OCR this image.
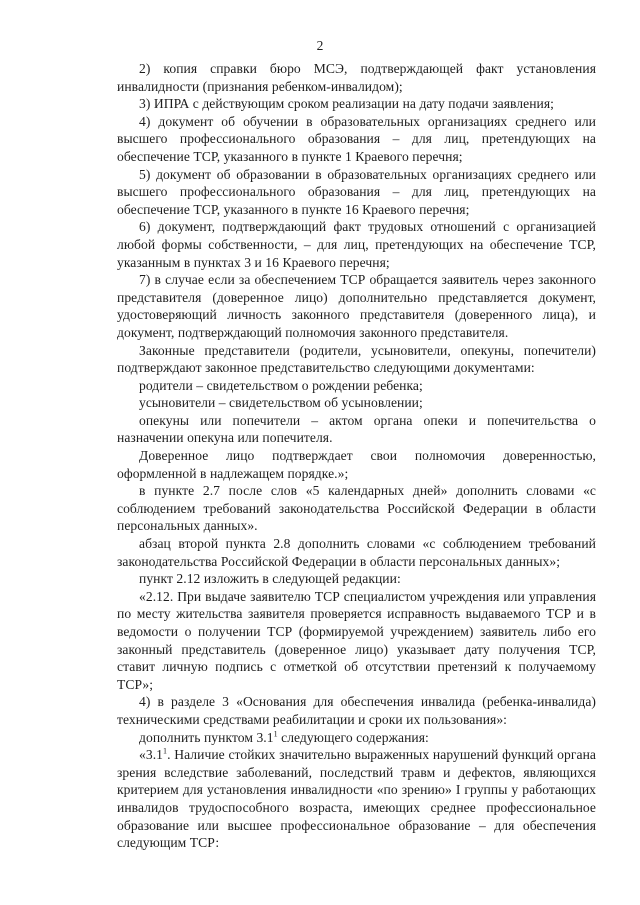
2

2) копия справки бюро МСЭ, подтверждающей факт установления инвалидности (признания ребенком-инвалидом);

3) ИПРА с действующим сроком реализации на дату подачи заявления;

4) документ об обучении в образовательных организациях среднего или высшего профессионального образования – для лиц, претендующих на обеспечение ТСР, указанного в пункте 1 Краевого перечня;

5) документ об образовании в образовательных организациях среднего или высшего профессионального образования – для лиц, претендующих на обеспечение ТСР, указанного в пункте 16 Краевого перечня;

6) документ, подтверждающий факт трудовых отношений с организацией любой формы собственности, – для лиц, претендующих на обеспечение ТСР, указанным в пунктах 3 и 16 Краевого перечня;

7) в случае если за обеспечением ТСР обращается заявитель через законного представителя (доверенное лицо) дополнительно представляется документ, удостоверяющий личность законного представителя (доверенного лица), и документ, подтверждающий полномочия законного представителя.

Законные представители (родители, усыновители, опекуны, попечители) подтверждают законное представительство следующими документами:

родители – свидетельством о рождении ребенка;

усыновители – свидетельством об усыновлении;

опекуны или попечители – актом органа опеки и попечительства о назначении опекуна или попечителя.

Доверенное лицо подтверждает свои полномочия доверенностью, оформленной в надлежащем порядке.»;

в пункте 2.7 после слов «5 календарных дней» дополнить словами «с соблюдением требований законодательства Российской Федерации в области персональных данных».

абзац второй пункта 2.8 дополнить словами «с соблюдением требований законодательства Российской Федерации в области персональных данных»;

пункт 2.12 изложить в следующей редакции:

«2.12. При выдаче заявителю ТСР специалистом учреждения или управления по месту жительства заявителя проверяется исправность выдаваемого ТСР и в ведомости о получении ТСР (формируемой учреждением) заявитель либо его законный представитель (доверенное лицо) указывает дату получения ТСР, ставит личную подпись с отметкой об отсутствии претензий к получаемому ТСР»;

4) в разделе 3 «Основания для обеспечения инвалида (ребенка-инвалида) техническими средствами реабилитации и сроки их пользования»:

дополнить пунктом $3.1^1$ следующего содержания:

«$3.1^1$. Наличие стойких значительно выраженных нарушений функций органа зрения вследствие заболеваний, последствий травм и дефектов, являющихся критерием для установления инвалидности «по зрению» I группы у работающих инвалидов трудоспособного возраста, имеющих среднее профессиональное образование или высшее профессиональное образование – для обеспечения следующим ТСР:
